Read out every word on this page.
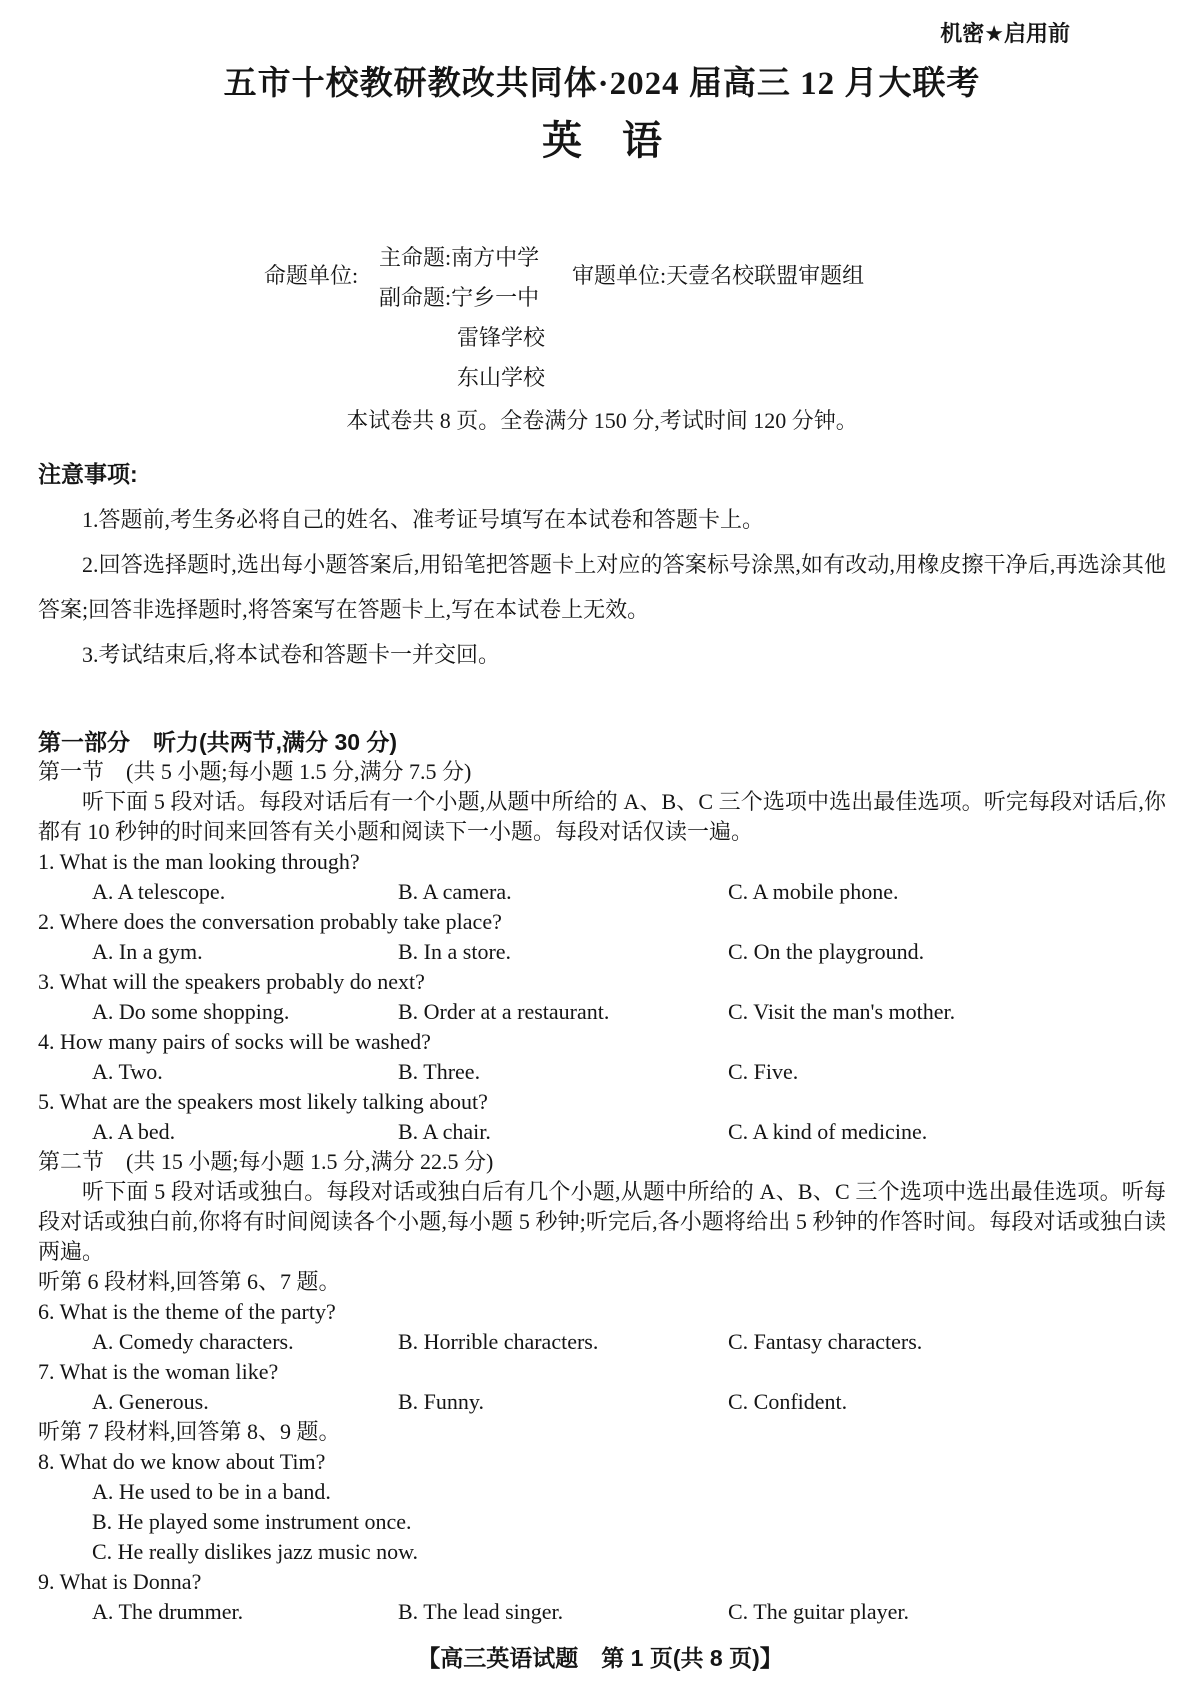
机密★启用前
五市十校教研教改共同体·2024 届高三 12 月大联考
英　语
命题单位:
主命题:南方中学
副命题:宁乡一中
雷锋学校
东山学校
审题单位:天壹名校联盟审题组

本试卷共 8 页。全卷满分 150 分,考试时间 120 分钟。

注意事项:

1.答题前,考生务必将自己的姓名、准考证号填写在本试卷和答题卡上。

2.回答选择题时,选出每小题答案后,用铅笔把答题卡上对应的答案标号涂黑,如有改动,用橡皮擦干净后,再选涂其他答案;回答非选择题时,将答案写在答题卡上,写在本试卷上无效。

3.考试结束后,将本试卷和答题卡一并交回。

第一部分　听力(共两节,满分 30 分)
第一节　(共 5 小题;每小题 1.5 分,满分 7.5 分)

听下面 5 段对话。每段对话后有一个小题,从题中所给的 A、B、C 三个选项中选出最佳选项。听完每段对话后,你都有 10 秒钟的时间来回答有关小题和阅读下一小题。每段对话仅读一遍。

1. What is the man looking through?
A. A telescope.	B. A camera.	C. A mobile phone.
2. Where does the conversation probably take place?
A. In a gym.	B. In a store.	C. On the playground.
3. What will the speakers probably do next?
A. Do some shopping.	B. Order at a restaurant.	C. Visit the man's mother.
4. How many pairs of socks will be washed?
A. Two.	B. Three.	C. Five.
5. What are the speakers most likely talking about?
A. A bed.	B. A chair.	C. A kind of medicine.
第二节　(共 15 小题;每小题 1.5 分,满分 22.5 分)

听下面 5 段对话或独白。每段对话或独白后有几个小题,从题中所给的 A、B、C 三个选项中选出最佳选项。听每段对话或独白前,你将有时间阅读各个小题,每小题 5 秒钟;听完后,各小题将给出 5 秒钟的作答时间。每段对话或独白读两遍。

听第 6 段材料,回答第 6、7 题。
6. What is the theme of the party?
A. Comedy characters.	B. Horrible characters.	C. Fantasy characters.
7. What is the woman like?
A. Generous.	B. Funny.	C. Confident.
听第 7 段材料,回答第 8、9 题。
8. What do we know about Tim?
A. He used to be in a band.
B. He played some instrument once.
C. He really dislikes jazz music now.
9. What is Donna?
A. The drummer.	B. The lead singer.	C. The guitar player.
【高三英语试题　第 1 页(共 8 页)】
